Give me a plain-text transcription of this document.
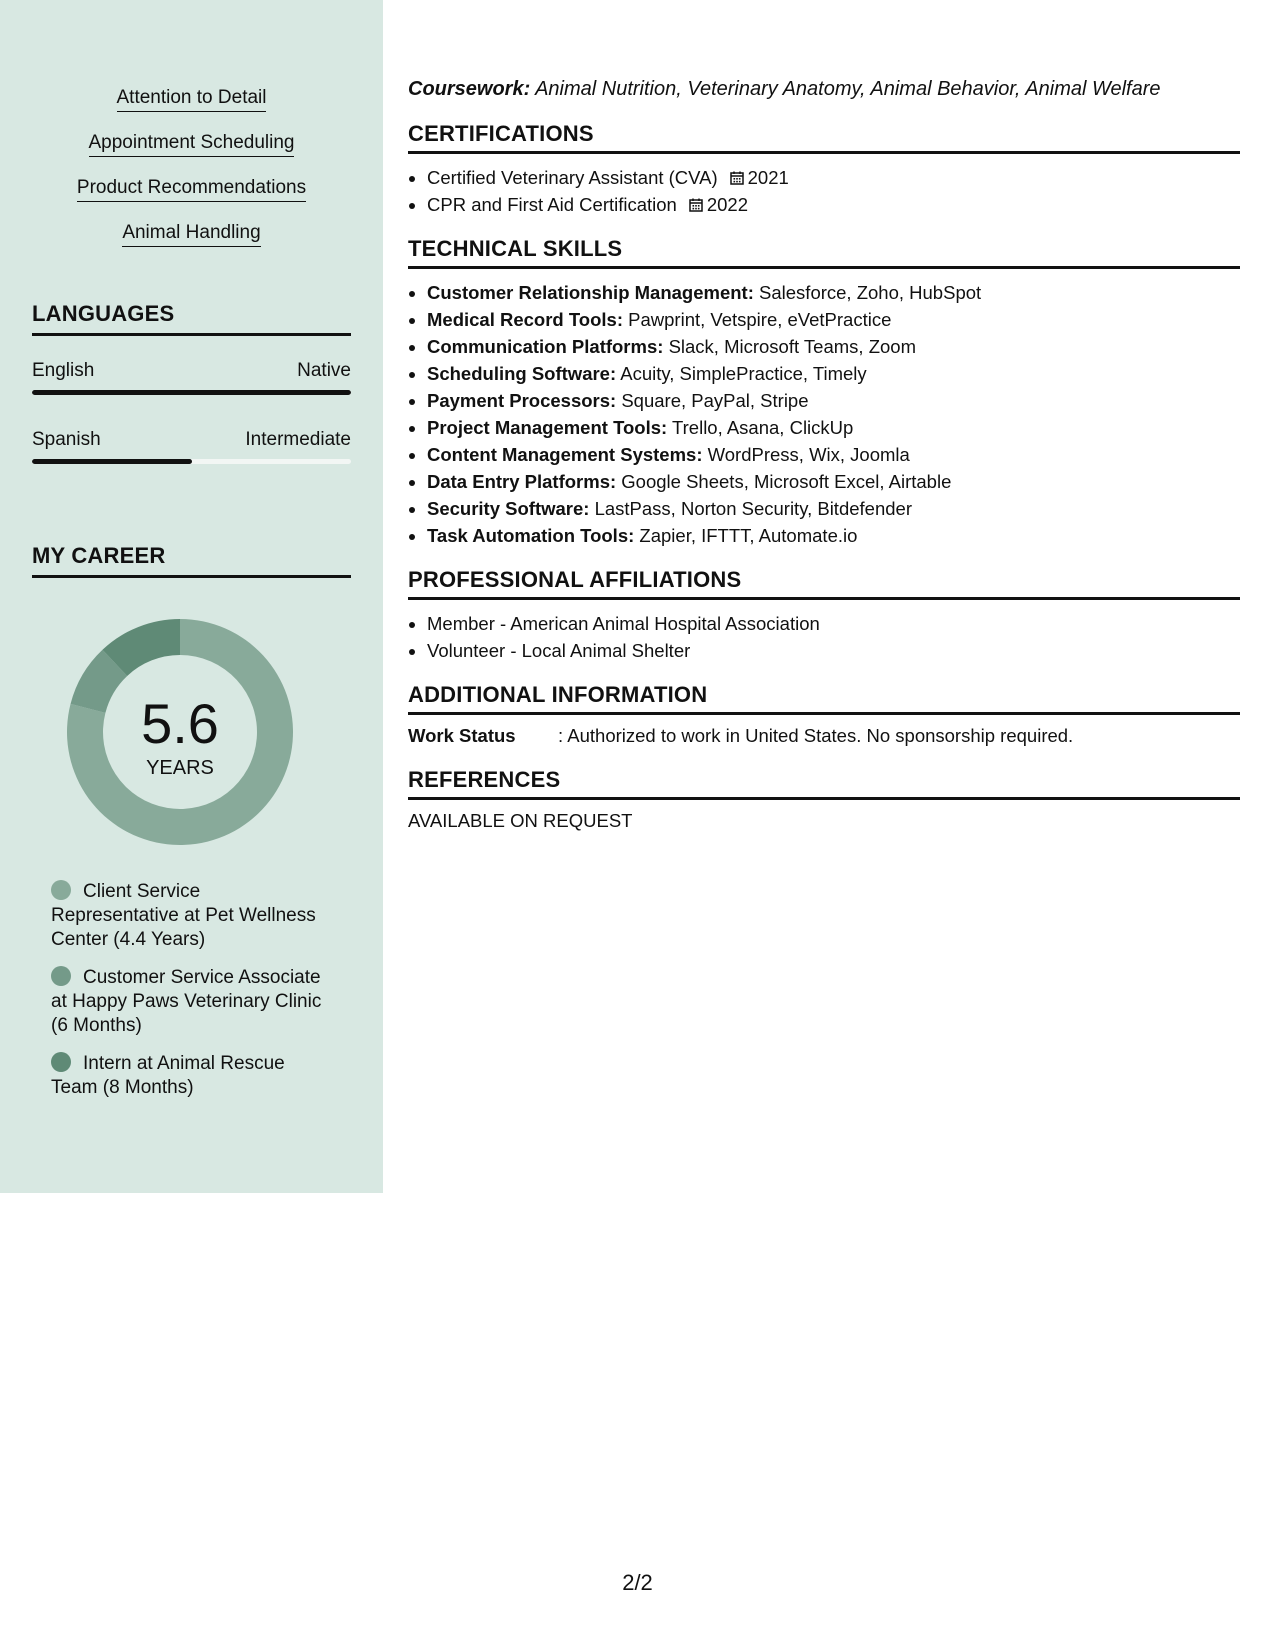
Attention to Detail
Appointment Scheduling
Product Recommendations
Animal Handling
LANGUAGES
English	Native
Spanish	Intermediate
MY CAREER
5.6
YEARS
Client Service Representative at Pet Wellness Center (4.4 Years)
Customer Service Associate at Happy Paws Veterinary Clinic (6 Months)
Intern at Animal Rescue Team (8 Months)
Coursework: Animal Nutrition, Veterinary Anatomy, Animal Behavior, Animal Welfare
CERTIFICATIONS
• Certified Veterinary Assistant (CVA) 2021
• CPR and First Aid Certification 2022
TECHNICAL SKILLS
• Customer Relationship Management: Salesforce, Zoho, HubSpot
• Medical Record Tools: Pawprint, Vetspire, eVetPractice
• Communication Platforms: Slack, Microsoft Teams, Zoom
• Scheduling Software: Acuity, SimplePractice, Timely
• Payment Processors: Square, PayPal, Stripe
• Project Management Tools: Trello, Asana, ClickUp
• Content Management Systems: WordPress, Wix, Joomla
• Data Entry Platforms: Google Sheets, Microsoft Excel, Airtable
• Security Software: LastPass, Norton Security, Bitdefender
• Task Automation Tools: Zapier, IFTTT, Automate.io
PROFESSIONAL AFFILIATIONS
• Member - American Animal Hospital Association
• Volunteer - Local Animal Shelter
ADDITIONAL INFORMATION
Work Status	: Authorized to work in United States. No sponsorship required.
REFERENCES
AVAILABLE ON REQUEST
2/2
